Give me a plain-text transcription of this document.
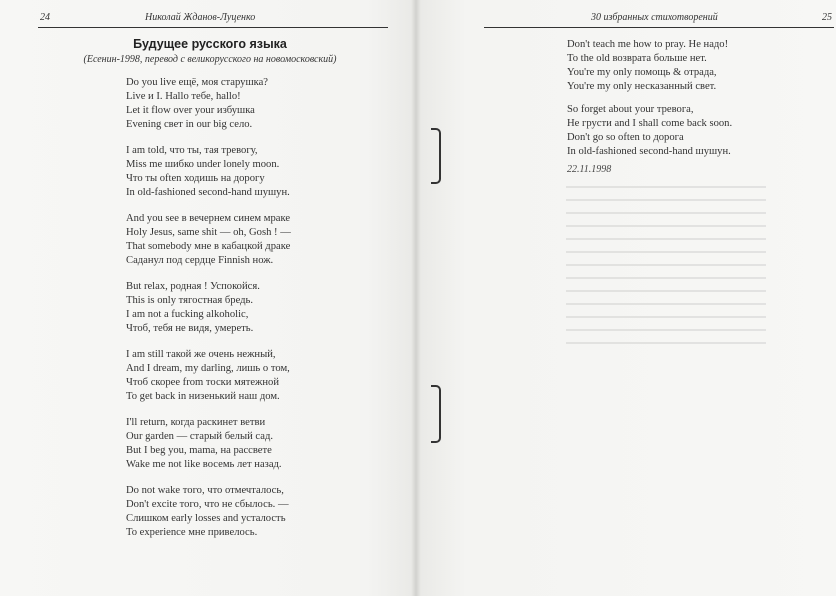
24	Николай Жданов-Луценко
Будущее русского языка
(Есенин-1998, перевод с великорусского на новомосковский)
Do you live ещё, моя старушка?
Live и I. Hallo тебе, hallo!
Let it flow over your избушка
Evening свет in our big село.
I am told, что ты, тая тревогу,
Miss me шибко under lonely moon.
Что ты often ходишь на дорогу
In old-fashioned second-hand шушун.
And you see в вечернем синем мраке
Holy Jesus, same shit — oh, Gosh ! —
That somebody мне в кабацкой драке
Саданул под сердце Finnish нож.
But relax, родная ! Успокойся.
This is only тягостная бредь.
I am not a fucking alkoholic,
Чтоб, тебя не видя, умереть.
I am still такой же очень нежный,
And I dream, my darling, лишь о том,
Чтоб скорее from тоски мятежной
To get back in низенький наш дом.
I'll return, когда раскинет ветви
Our garden — старый белый сад.
But I beg you, mama, на рассвете
Wake me not like восемь лет назад.
Do not wake того, что отмечталось,
Don't excite того, что не сбылось. —
Слишком early losses and усталость
To experience мне привелось.
30 избранных стихотворений	25
Don't teach me how to pray. Не надо!
To the old возврата больше нет.
You're my only помощь & отрада,
You're my only несказанный свет.
So forget about your тревога,
Не грусти and I shall come back soon.
Don't go so often to дорога
In old-fashioned second-hand шушун.
22.11.1998
